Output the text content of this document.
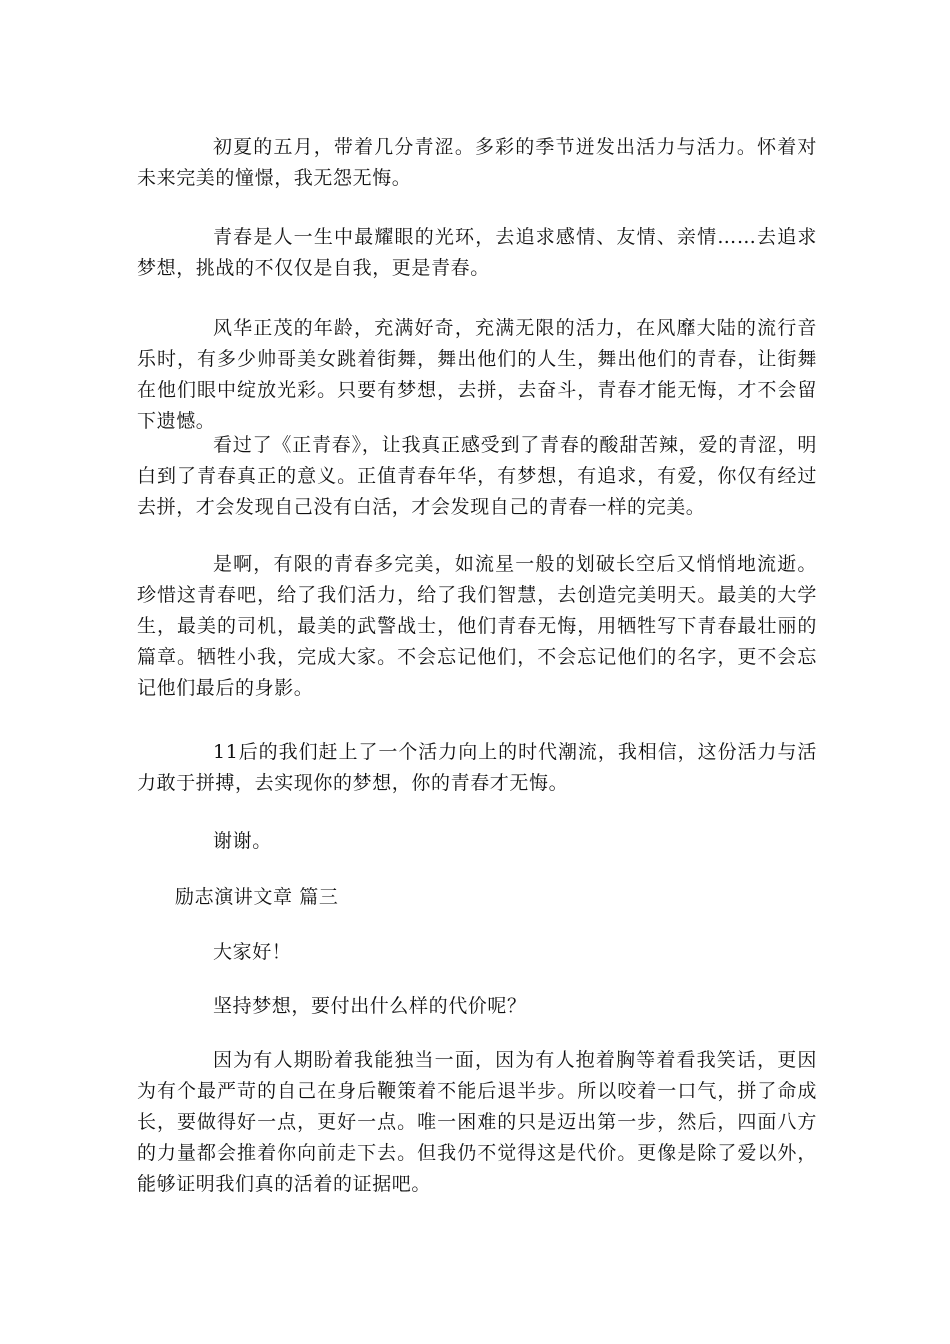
初夏的五月，带着几分青涩。多彩的季节迸发出活力与活力。怀着对未来完美的憧憬，我无怨无悔。

青春是人一生中最耀眼的光环，去追求感情、友情、亲情……去追求梦想，挑战的不仅仅是自我，更是青春。

风华正茂的年龄，充满好奇，充满无限的活力，在风靡大陆的流行音乐时，有多少帅哥美女跳着街舞，舞出他们的人生，舞出他们的青春，让街舞在他们眼中绽放光彩。只要有梦想，去拼，去奋斗，青春才能无悔，才不会留下遗憾。

看过了《正青春》，让我真正感受到了青春的酸甜苦辣，爱的青涩，明白到了青春真正的意义。正值青春年华，有梦想，有追求，有爱，你仅有经过去拼，才会发现自己没有白活，才会发现自己的青春一样的完美。

是啊，有限的青春多完美，如流星一般的划破长空后又悄悄地流逝。珍惜这青春吧，给了我们活力，给了我们智慧，去创造完美明天。最美的大学生，最美的司机，最美的武警战士，他们青春无悔，用牺牲写下青春最壮丽的篇章。牺牲小我，完成大家。不会忘记他们，不会忘记他们的名字，更不会忘记他们最后的身影。

11后的我们赶上了一个活力向上的时代潮流，我相信，这份活力与活力敢于拼搏，去实现你的梦想，你的青春才无悔。

谢谢。

励志演讲文章 篇三

大家好！

坚持梦想，要付出什么样的代价呢？

因为有人期盼着我能独当一面，因为有人抱着胸等着看我笑话，更因为有个最严苛的自己在身后鞭策着不能后退半步。所以咬着一口气，拼了命成长，要做得好一点，更好一点。唯一困难的只是迈出第一步，然后，四面八方的力量都会推着你向前走下去。但我仍不觉得这是代价。更像是除了爱以外，能够证明我们真的活着的证据吧。
